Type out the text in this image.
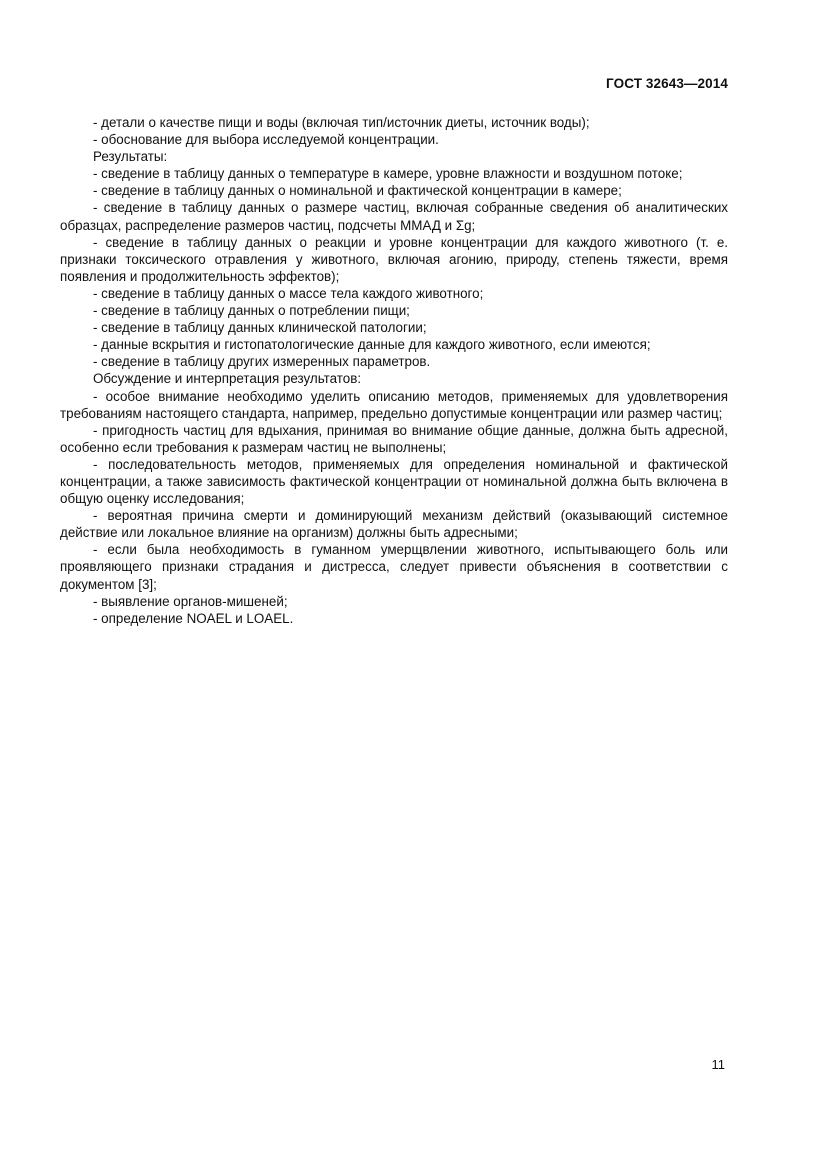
ГОСТ 32643—2014

- детали о качестве пищи и воды (включая тип/источник диеты, источник воды);

- обоснование для выбора исследуемой концентрации.

Результаты:

- сведение в таблицу данных о температуре в камере, уровне влажности и воздушном потоке;

- сведение в таблицу данных о номинальной и фактической концентрации в камере;

- сведение в таблицу данных о размере частиц, включая собранные сведения об аналитических образцах, распределение размеров частиц, подсчеты ММАД и Σg;

- сведение в таблицу данных о реакции и уровне концентрации для каждого животного (т. е. признаки токсического отравления у животного, включая агонию, природу, степень тяжести, время появления и продолжительность эффектов);

- сведение в таблицу данных о массе тела каждого животного;

- сведение в таблицу данных о потреблении пищи;

- сведение в таблицу данных клинической патологии;

- данные вскрытия и гистопатологические данные для каждого животного, если имеются;

- сведение в таблицу других измеренных параметров.

Обсуждение и интерпретация результатов:

- особое внимание необходимо уделить описанию методов, применяемых для удовлетворения требованиям настоящего стандарта, например, предельно допустимые концентрации или размер частиц;

- пригодность частиц для вдыхания, принимая во внимание общие данные, должна быть адресной, особенно если требования к размерам частиц не выполнены;

- последовательность методов, применяемых для определения номинальной и фактической концентрации, а также зависимость фактической концентрации от номинальной должна быть включена в общую оценку исследования;

- вероятная причина смерти и доминирующий механизм действий (оказывающий системное действие или локальное влияние на организм) должны быть адресными;

- если была необходимость в гуманном умерщвлении животного, испытывающего боль или проявляющего признаки страдания и дистресса, следует привести объяснения в соответствии с документом [3];

- выявление органов-мишеней;

- определение NOAEL и LOAEL.

11
